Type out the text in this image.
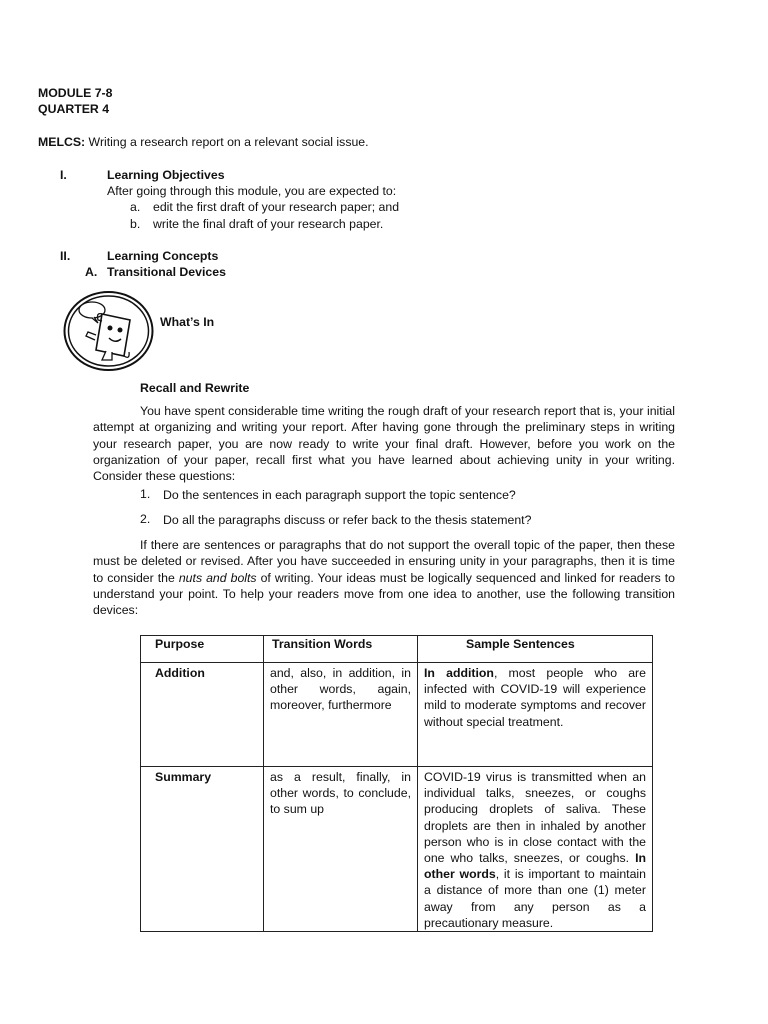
MODULE 7-8
QUARTER 4
MELCS: Writing a research report on a relevant social issue.
I.	Learning Objectives
After going through this module, you are expected to:
a. edit the first draft of your research paper; and
b. write the final draft of your research paper.
II.	Learning Concepts
A. Transitional Devices
What’s In
Recall and Rewrite
You have spent considerable time writing the rough draft of your research report that is, your initial attempt at organizing and writing your report. After having gone through the preliminary steps in writing your research paper, you are now ready to write your final draft. However, before you work on the organization of your paper, recall first what you have learned about achieving unity in your writing. Consider these questions:
1. Do the sentences in each paragraph support the topic sentence?
2. Do all the paragraphs discuss or refer back to the thesis statement?
If there are sentences or paragraphs that do not support the overall topic of the paper, then these must be deleted or revised. After you have succeeded in ensuring unity in your paragraphs, then it is time to consider the nuts and bolts of writing. Your ideas must be logically sequenced and linked for readers to understand your point. To help your readers move from one idea to another, use the following transition devices:
Purpose	Transition Words	Sample Sentences
Addition	and, also, in addition, in other words, again, moreover, furthermore	In addition, most people who are infected with COVID-19 will experience mild to moderate symptoms and recover without special treatment.
Summary	as a result, finally, in other words, to conclude, to sum up	COVID-19 virus is transmitted when an individual talks, sneezes, or coughs producing droplets of saliva. These droplets are then in inhaled by another person who is in close contact with the one who talks, sneezes, or coughs. In other words, it is important to maintain a distance of more than one (1) meter away from any person as a precautionary measure.
